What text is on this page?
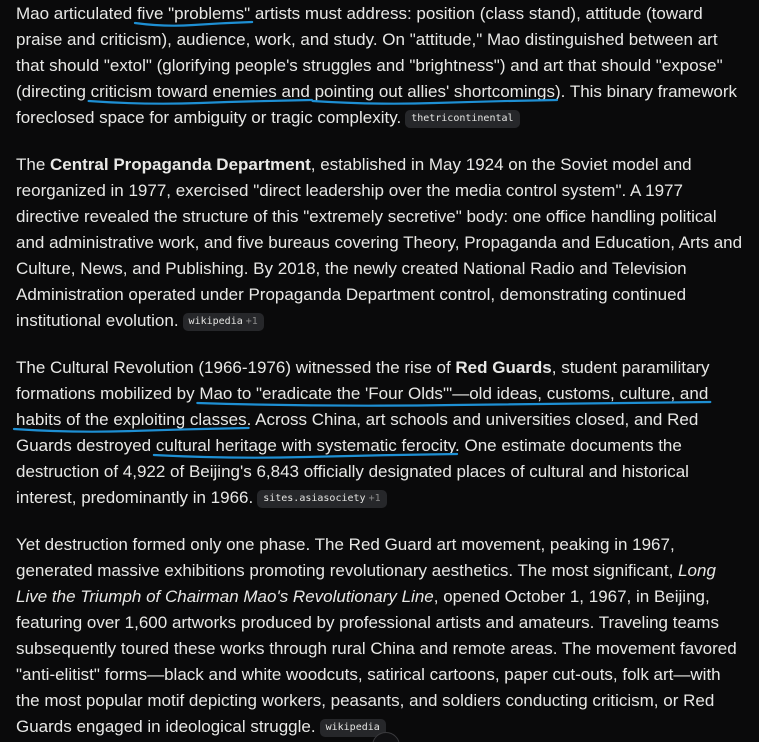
Mao articulated five "problems" artists must address: position (class stand), attitude (toward praise and criticism), audience, work, and study. On "attitude," Mao distinguished between art that should "extol" (glorifying people's struggles and "brightness") and art that should "expose" (directing criticism toward enemies and pointing out allies' shortcomings). This binary framework foreclosed space for ambiguity or tragic complexity. thetricontinental

The Central Propaganda Department, established in May 1924 on the Soviet model and reorganized in 1977, exercised "direct leadership over the media control system". A 1977 directive revealed the structure of this "extremely secretive" body: one office handling political and administrative work, and five bureaus covering Theory, Propaganda and Education, Arts and Culture, News, and Publishing. By 2018, the newly created National Radio and Television Administration operated under Propaganda Department control, demonstrating continued institutional evolution. wikipedia +1

The Cultural Revolution (1966-1976) witnessed the rise of Red Guards, student paramilitary formations mobilized by Mao to "eradicate the 'Four Olds'"—old ideas, customs, culture, and habits of the exploiting classes. Across China, art schools and universities closed, and Red Guards destroyed cultural heritage with systematic ferocity. One estimate documents the destruction of 4,922 of Beijing's 6,843 officially designated places of cultural and historical interest, predominantly in 1966. sites.asiasociety +1

Yet destruction formed only one phase. The Red Guard art movement, peaking in 1967, generated massive exhibitions promoting revolutionary aesthetics. The most significant, Long Live the Triumph of Chairman Mao's Revolutionary Line, opened October 1, 1967, in Beijing, featuring over 1,600 artworks produced by professional artists and amateurs. Traveling teams subsequently toured these works through rural China and remote areas. The movement favored "anti-elitist" forms—black and white woodcuts, satirical cartoons, paper cut-outs, folk art—with the most popular motif depicting workers, peasants, and soldiers conducting criticism, or Red Guards engaged in ideological struggle. wikipedia
